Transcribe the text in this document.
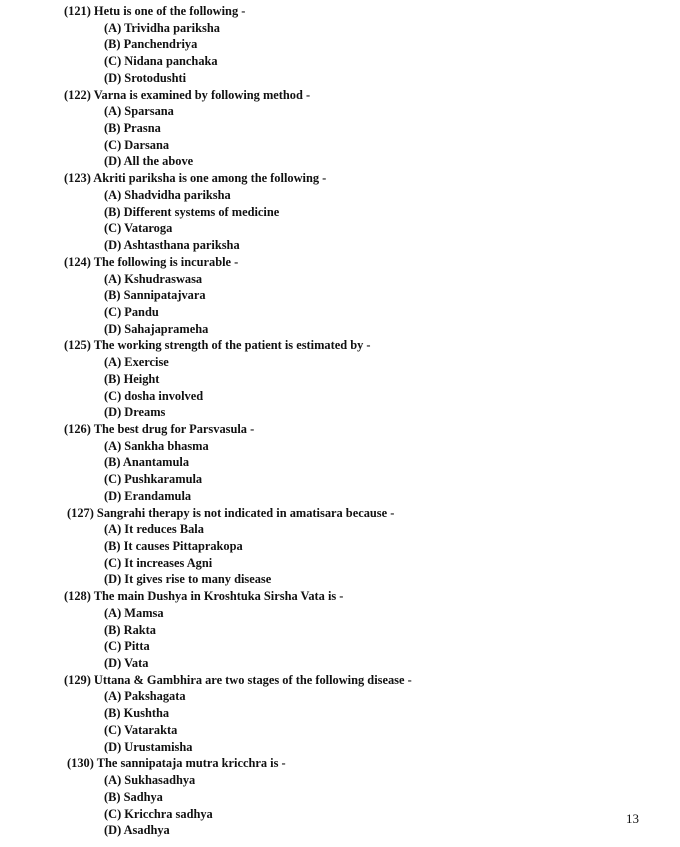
(121) Hetu is one of the following -
(A) Trividha pariksha
(B) Panchendriya
(C) Nidana panchaka
(D) Srotodushti
(122) Varna is examined by following method -
(A) Sparsana
(B) Prasna
(C) Darsana
(D) All the above
(123) Akriti pariksha is one among the following -
(A) Shadvidha pariksha
(B) Different systems of medicine
(C) Vataroga
(D) Ashtasthana pariksha
(124) The following is incurable -
(A) Kshudraswasa
(B) Sannipatajvara
(C) Pandu
(D) Sahajaprameha
(125) The working strength of the patient is estimated by -
(A) Exercise
(B) Height
(C) dosha involved
(D) Dreams
(126) The best drug for Parsvasula -
(A) Sankha bhasma
(B) Anantamula
(C) Pushkaramula
(D) Erandamula
(127) Sangrahi therapy is not indicated in amatisara because -
(A) It reduces Bala
(B) It causes Pittaprakopa
(C) It increases Agni
(D) It gives rise to many disease
(128) The main Dushya in Kroshtuka Sirsha Vata is -
(A) Mamsa
(B) Rakta
(C) Pitta
(D) Vata
(129) Uttana & Gambhira are two stages of the following disease -
(A) Pakshagata
(B) Kushtha
(C) Vatarakta
(D) Urustamisha
(130) The sannipataja mutra kricchra is -
(A) Sukhasadhya
(B) Sadhya
(C) Kricchra sadhya
(D) Asadhya
13
